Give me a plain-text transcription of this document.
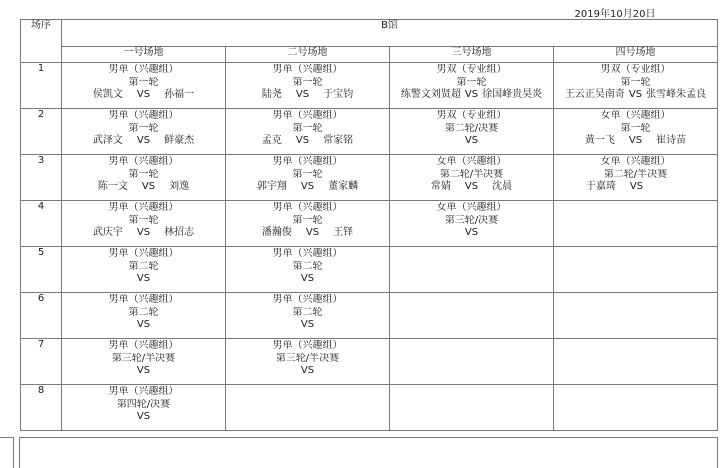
2019年10月20日
场序	B馆			
	一号场地	二号场地	三号场地	四号场地
1	男单（兴趣组）
第一轮
侯凯文 VS 孙福一	男单（兴趣组）
第一轮
陆尧 VS 于宝钧	男双（专业组）
第一轮
练警文刘贤超 VS 徐国峰贵昊炎	男双（专业组）
第一轮
王云正吴南奇 VS 张雪峰朱孟良

2	男单（兴趣组）
第一轮
武泽文 VS 鲜豪杰	男单（兴趣组）
第一轮
孟克 VS 常家铭	男双（专业组）
第二轮/决赛
VS	女单（兴趣组）
第一轮
黄一飞 VS 崔诗苗

3	男单（兴趣组）
第一轮
陈一文 VS 刘逸	男单（兴趣组）
第一轮
郭宇翔 VS 董家麟	女单（兴趣组）
第二轮/半决赛
常婧 VS 沈晨	女单（兴趣组）
第二轮/半决赛
于嘉琦 VS

4	男单（兴趣组）
第一轮
武庆宇 VS 林招志	男单（兴趣组）
第一轮
潘瀚俊 VS 王铎	女单（兴趣组）
第三轮/决赛
VS	

5	男单（兴趣组）
第二轮
VS	男单（兴趣组）
第二轮
VS		

6	男单（兴趣组）
第二轮
VS	男单（兴趣组）
第二轮
VS		

7	男单（兴趣组）
第三轮/半决赛
VS	男单（兴趣组）
第三轮/半决赛
VS		

8	男单（兴趣组）
第四轮/决赛
VS			
